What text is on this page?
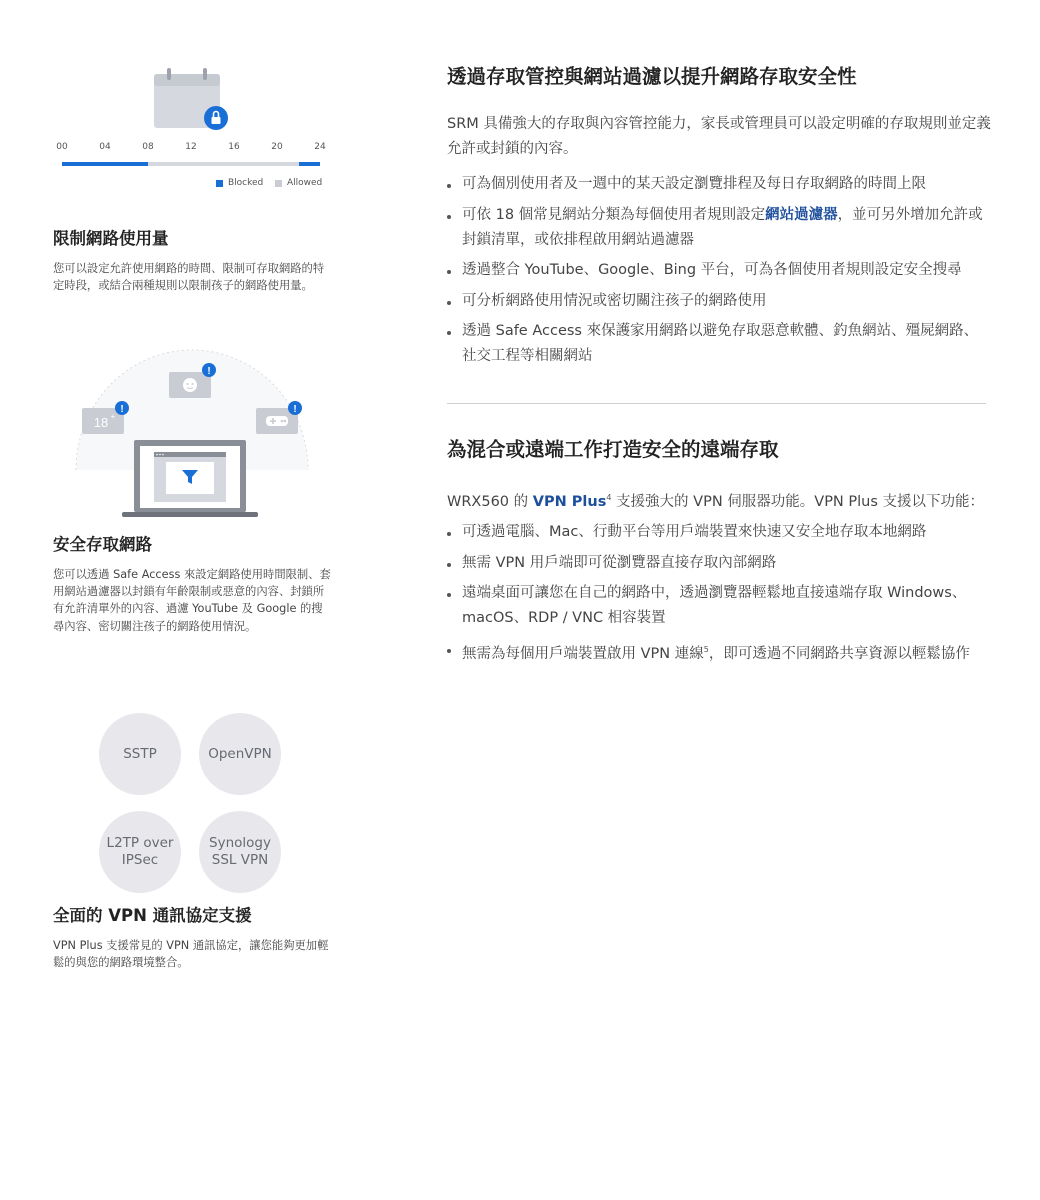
00	04	08	12	16	20	24
Blocked	Allowed
限制網路使用量

您可以設定允許使用網路的時間、限制可存取網路的特定時段，或結合兩種規則以限制孩子的網路使用量。

18 +
!
!
!
安全存取網路

您可以透過 Safe Access 來設定網路使用時間限制、套用網站過濾器以封鎖有年齡限制或惡意的內容、封鎖所有允許清單外的內容、過濾 YouTube 及 Google 的搜尋內容、密切關注孩子的網路使用情況。

SSTP	OpenVPN
L2TP over
IPSec
Synology
SSL VPN
全面的 VPN 通訊協定支援

VPN Plus 支援常見的 VPN 通訊協定，讓您能夠更加輕鬆的與您的網路環境整合。

透過存取管控與網站過濾以提升網路存取安全性

SRM 具備強大的存取與內容管控能力，家長或管理員可以設定明確的存取規則並定義允許或封鎖的內容。

可為個別使用者及一週中的某天設定瀏覽排程及每日存取網路的時間上限
可依 18 個常見網站分類為每個使用者規則設定網站過濾器，並可另外增加允許或封鎖清單，或依排程啟用網站過濾器
透過整合 YouTube、Google、Bing 平台，可為各個使用者規則設定安全搜尋
可分析網路使用情況或密切關注孩子的網路使用
透過 Safe Access 來保護家用網路以避免存取惡意軟體、釣魚網站、殭屍網路、社交工程等相關網站
為混合或遠端工作打造安全的遠端存取

WRX560 的 VPN Plus$^4$ 支援強大的 VPN 伺服器功能。VPN Plus 支援以下功能：

可透過電腦、Mac、行動平台等用戶端裝置來快速又安全地存取本地網路
無需 VPN 用戶端即可從瀏覽器直接存取內部網路
遠端桌面可讓您在自己的網路中，透過瀏覽器輕鬆地直接遠端存取 Windows、macOS、RDP / VNC 相容裝置
無需為每個用戶端裝置啟用 VPN 連線$^5$，即可透過不同網路共享資源以輕鬆協作
